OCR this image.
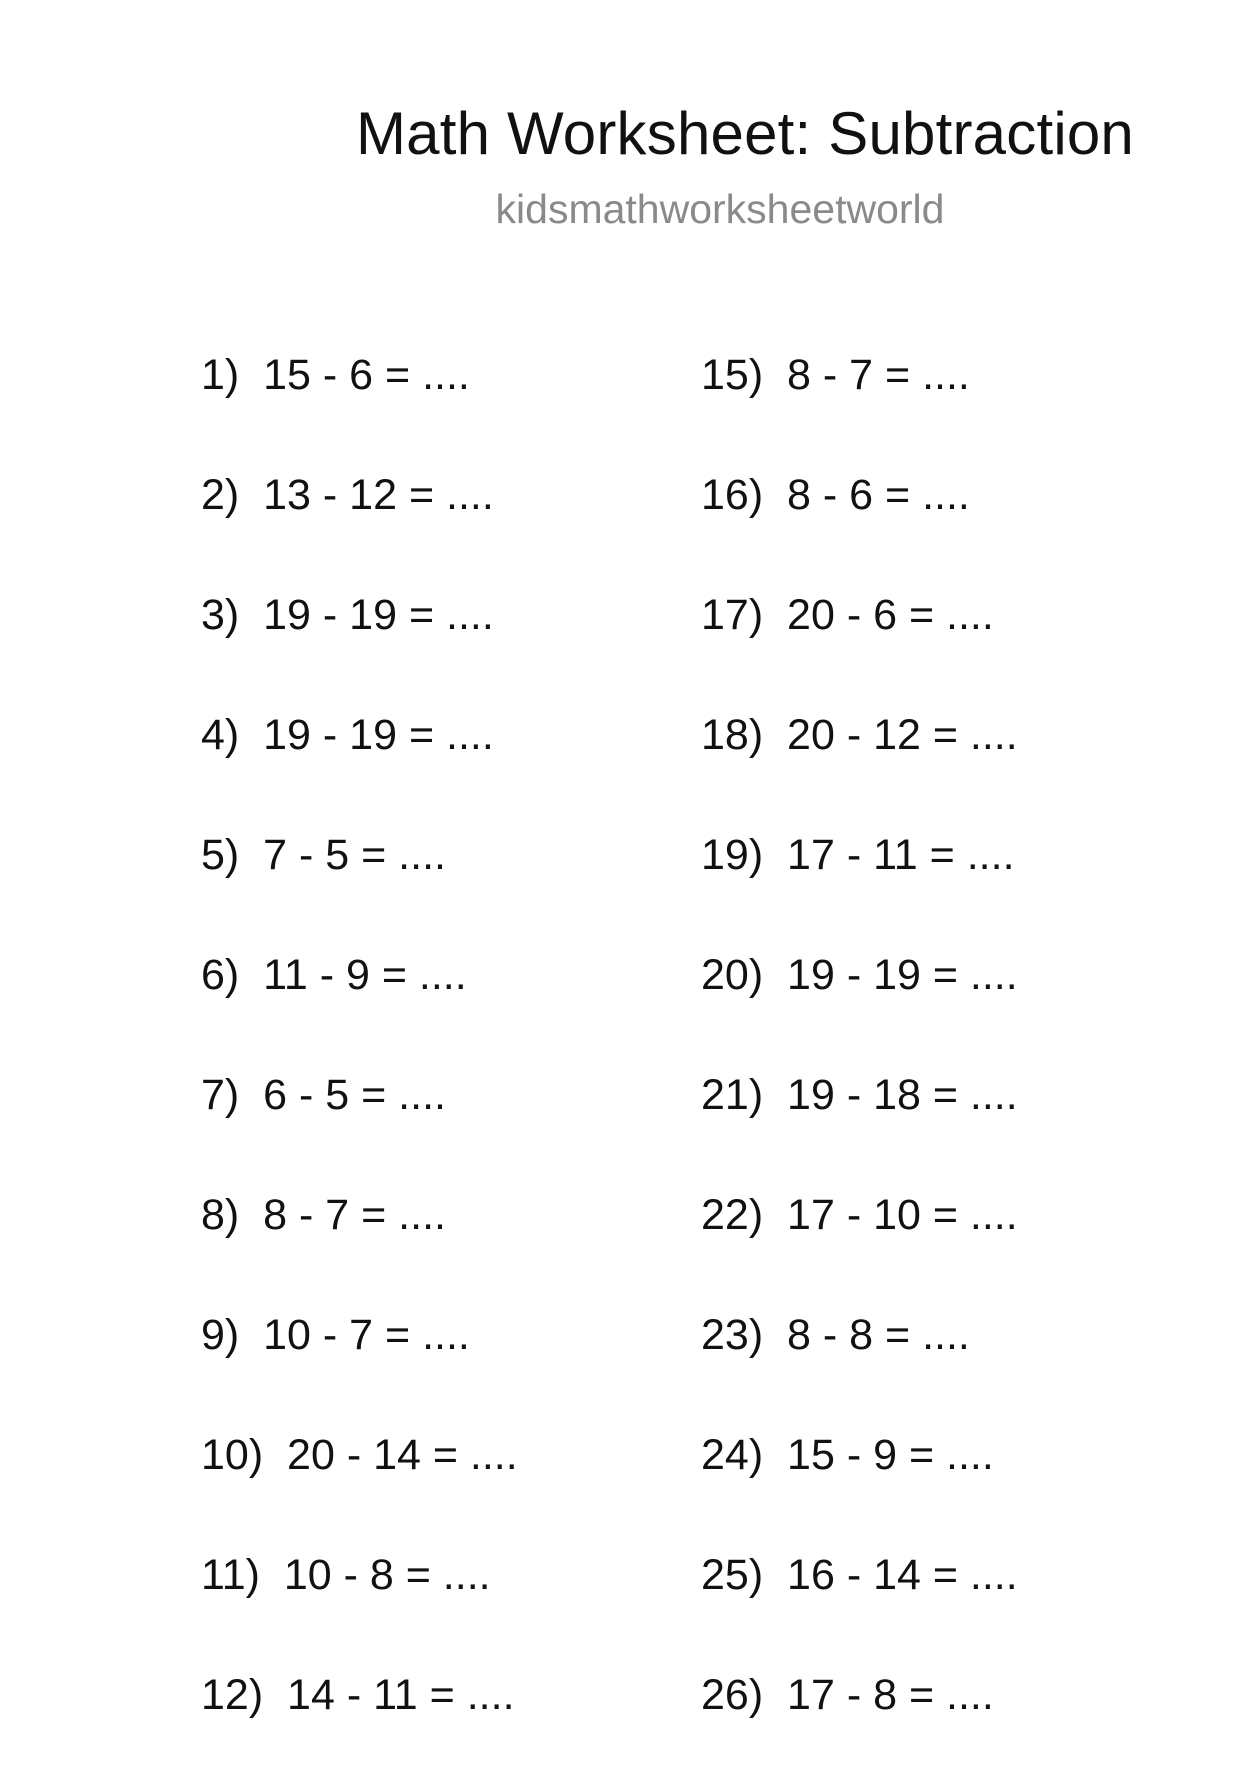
Math Worksheet: Subtraction
kidsmathworksheetworld
1)  15 - 6 = ....
2)  13 - 12 = ....
3)  19 - 19 = ....
4)  19 - 19 = ....
5)  7 - 5 = ....
6)  11 - 9 = ....
7)  6 - 5 = ....
8)  8 - 7 = ....
9)  10 - 7 = ....
10)  20 - 14 = ....
11)  10 - 8 = ....
12)  14 - 11 = ....
15)  8 - 7 = ....
16)  8 - 6 = ....
17)  20 - 6 = ....
18)  20 - 12 = ....
19)  17 - 11 = ....
20)  19 - 19 = ....
21)  19 - 18 = ....
22)  17 - 10 = ....
23)  8 - 8 = ....
24)  15 - 9 = ....
25)  16 - 14 = ....
26)  17 - 8 = ....
